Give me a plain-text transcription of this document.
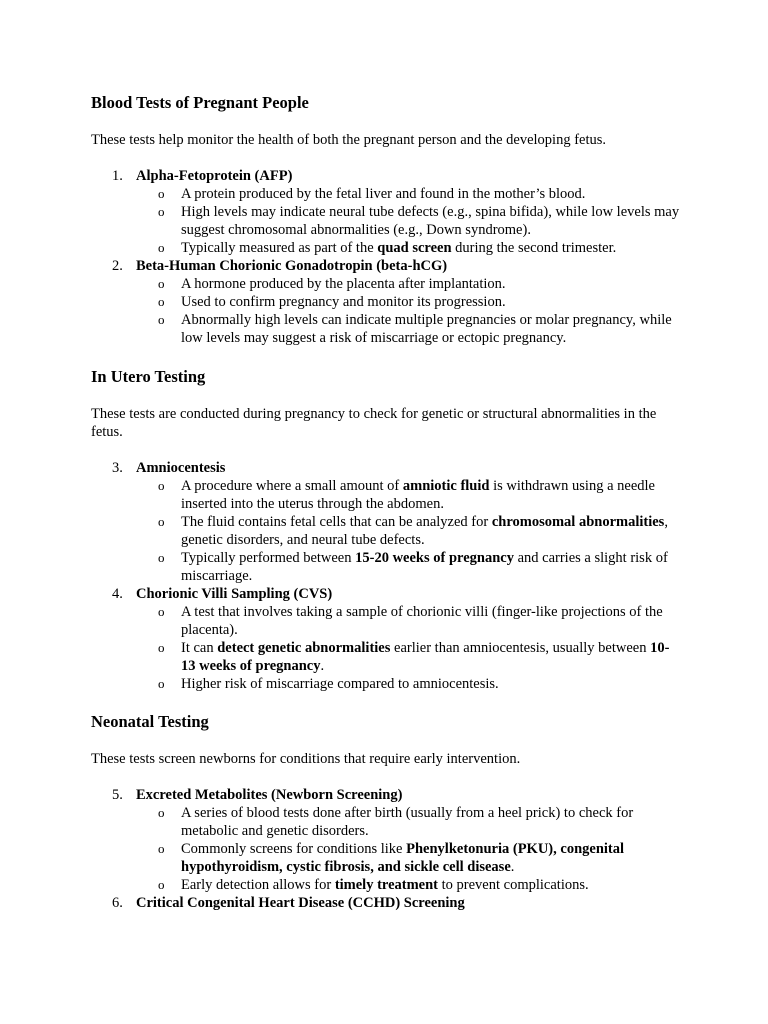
Blood Tests of Pregnant People

These tests help monitor the health of both the pregnant person and the developing fetus.

1. Alpha-Fetoprotein (AFP)
o A protein produced by the fetal liver and found in the mother’s blood.
o High levels may indicate neural tube defects (e.g., spina bifida), while low levels may suggest chromosomal abnormalities (e.g., Down syndrome).
o Typically measured as part of the quad screen during the second trimester.
2. Beta-Human Chorionic Gonadotropin (beta-hCG)
o A hormone produced by the placenta after implantation.
o Used to confirm pregnancy and monitor its progression.
o Abnormally high levels can indicate multiple pregnancies or molar pregnancy, while low levels may suggest a risk of miscarriage or ectopic pregnancy.
In Utero Testing

These tests are conducted during pregnancy to check for genetic or structural abnormalities in the fetus.

3. Amniocentesis
o A procedure where a small amount of amniotic fluid is withdrawn using a needle inserted into the uterus through the abdomen.
o The fluid contains fetal cells that can be analyzed for chromosomal abnormalities, genetic disorders, and neural tube defects.
o Typically performed between 15-20 weeks of pregnancy and carries a slight risk of miscarriage.
4. Chorionic Villi Sampling (CVS)
o A test that involves taking a sample of chorionic villi (finger-like projections of the placenta).
o It can detect genetic abnormalities earlier than amniocentesis, usually between 10-13 weeks of pregnancy.
o Higher risk of miscarriage compared to amniocentesis.
Neonatal Testing

These tests screen newborns for conditions that require early intervention.

5. Excreted Metabolites (Newborn Screening)
o A series of blood tests done after birth (usually from a heel prick) to check for metabolic and genetic disorders.
o Commonly screens for conditions like Phenylketonuria (PKU), congenital hypothyroidism, cystic fibrosis, and sickle cell disease.
o Early detection allows for timely treatment to prevent complications.
6. Critical Congenital Heart Disease (CCHD) Screening
